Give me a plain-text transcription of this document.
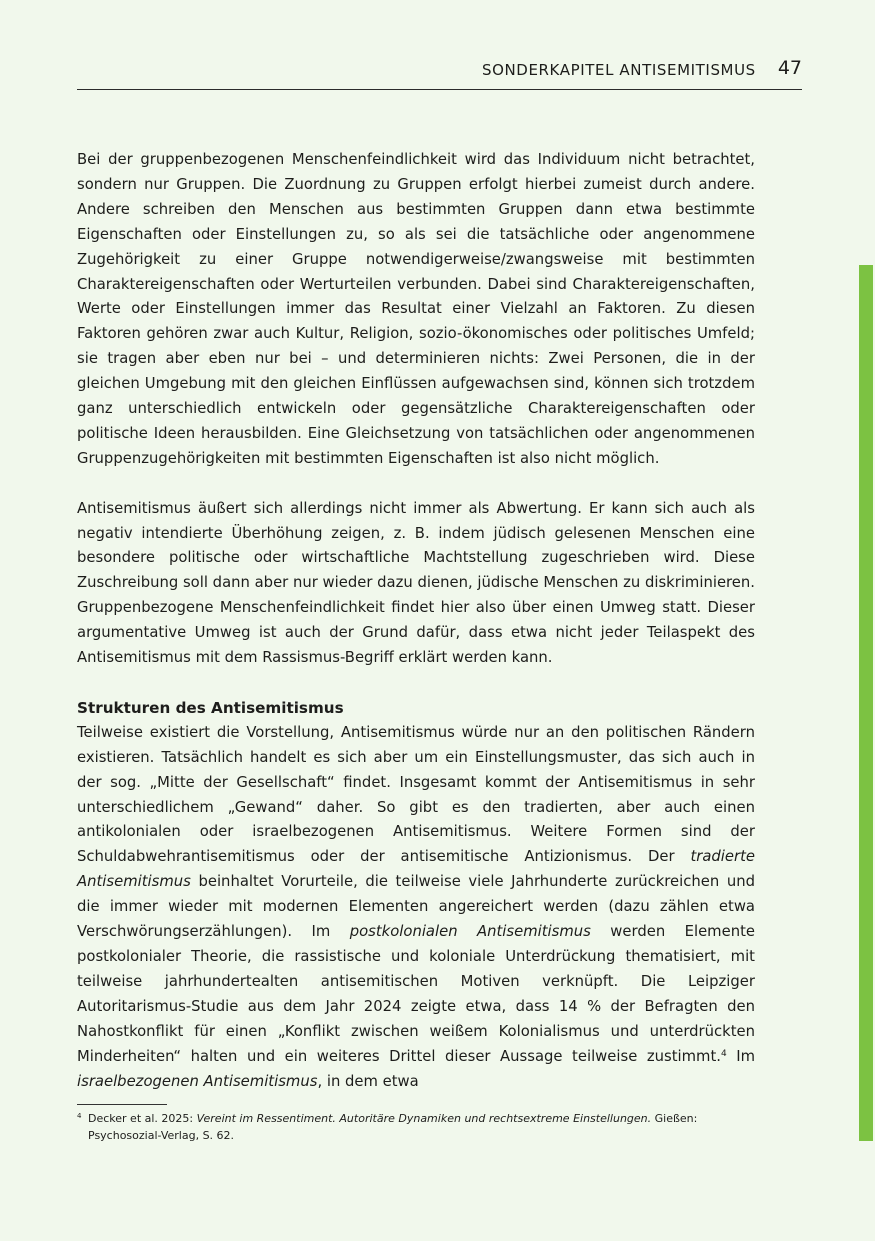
SONDERKAPITEL ANTISEMITISMUS 47

Bei der gruppenbezogenen Menschenfeindlichkeit wird das Individuum nicht betrachtet, sondern nur Gruppen. Die Zuordnung zu Gruppen erfolgt hierbei zumeist durch andere. Andere schreiben den Menschen aus bestimmten Gruppen dann etwa bestimmte Eigenschaften oder Einstellungen zu, so als sei die tatsächliche oder angenommene Zugehörigkeit zu einer Gruppe notwendigerweise/zwangsweise mit bestimmten Charaktereigenschaften oder Werturteilen verbunden. Dabei sind Charaktereigenschaften, Werte oder Einstellungen immer das Resultat einer Vielzahl an Faktoren. Zu diesen Faktoren gehören zwar auch Kultur, Religion, sozio-ökonomisches oder politisches Umfeld; sie tragen aber eben nur bei – und determinieren nichts: Zwei Personen, die in der gleichen Umgebung mit den gleichen Einflüssen aufgewachsen sind, können sich trotzdem ganz unterschiedlich entwickeln oder gegensätzliche Charaktereigenschaften oder politische Ideen herausbilden. Eine Gleichsetzung von tatsächlichen oder angenommenen Gruppenzugehörigkeiten mit bestimmten Eigenschaften ist also nicht möglich.

Antisemitismus äußert sich allerdings nicht immer als Abwertung. Er kann sich auch als negativ intendierte Überhöhung zeigen, z. B. indem jüdisch gelesenen Menschen eine besondere politische oder wirtschaftliche Machtstellung zugeschrieben wird. Diese Zuschreibung soll dann aber nur wieder dazu dienen, jüdische Menschen zu diskriminieren. Gruppenbezogene Menschenfeindlichkeit findet hier also über einen Umweg statt. Dieser argumentative Umweg ist auch der Grund dafür, dass etwa nicht jeder Teilaspekt des Antisemitismus mit dem Rassismus-Begriff erklärt werden kann.

Strukturen des Antisemitismus

Teilweise existiert die Vorstellung, Antisemitismus würde nur an den politischen Rändern existieren. Tatsächlich handelt es sich aber um ein Einstellungsmuster, das sich auch in der sog. „Mitte der Gesellschaft“ findet. Insgesamt kommt der Antisemitismus in sehr unterschiedlichem „Gewand“ daher. So gibt es den tradierten, aber auch einen antikolonialen oder israelbezogenen Antisemitismus. Weitere Formen sind der Schuldabwehrantisemitismus oder der antisemitische Antizionismus. Der tradierte Antisemitismus beinhaltet Vorurteile, die teilweise viele Jahrhunderte zurückreichen und die immer wieder mit modernen Elementen angereichert werden (dazu zählen etwa Verschwörungserzählungen). Im postkolonialen Antisemitismus werden Elemente postkolonialer Theorie, die rassistische und koloniale Unterdrückung thematisiert, mit teilweise jahrhundertealten antisemitischen Motiven verknüpft. Die Leipziger Autoritarismus-Studie aus dem Jahr 2024 zeigte etwa, dass 14 % der Befragten den Nahostkonflikt für einen „Konflikt zwischen weißem Kolonialismus und unterdrückten Minderheiten“ halten und ein weiteres Drittel dieser Aussage teilweise zustimmt.$^4$ Im israelbezogenen Antisemitismus, in dem etwa

4 Decker et al. 2025: Vereint im Ressentiment. Autoritäre Dynamiken und rechtsextreme Einstellungen. Gießen:
Psychosozial-Verlag, S. 62.
